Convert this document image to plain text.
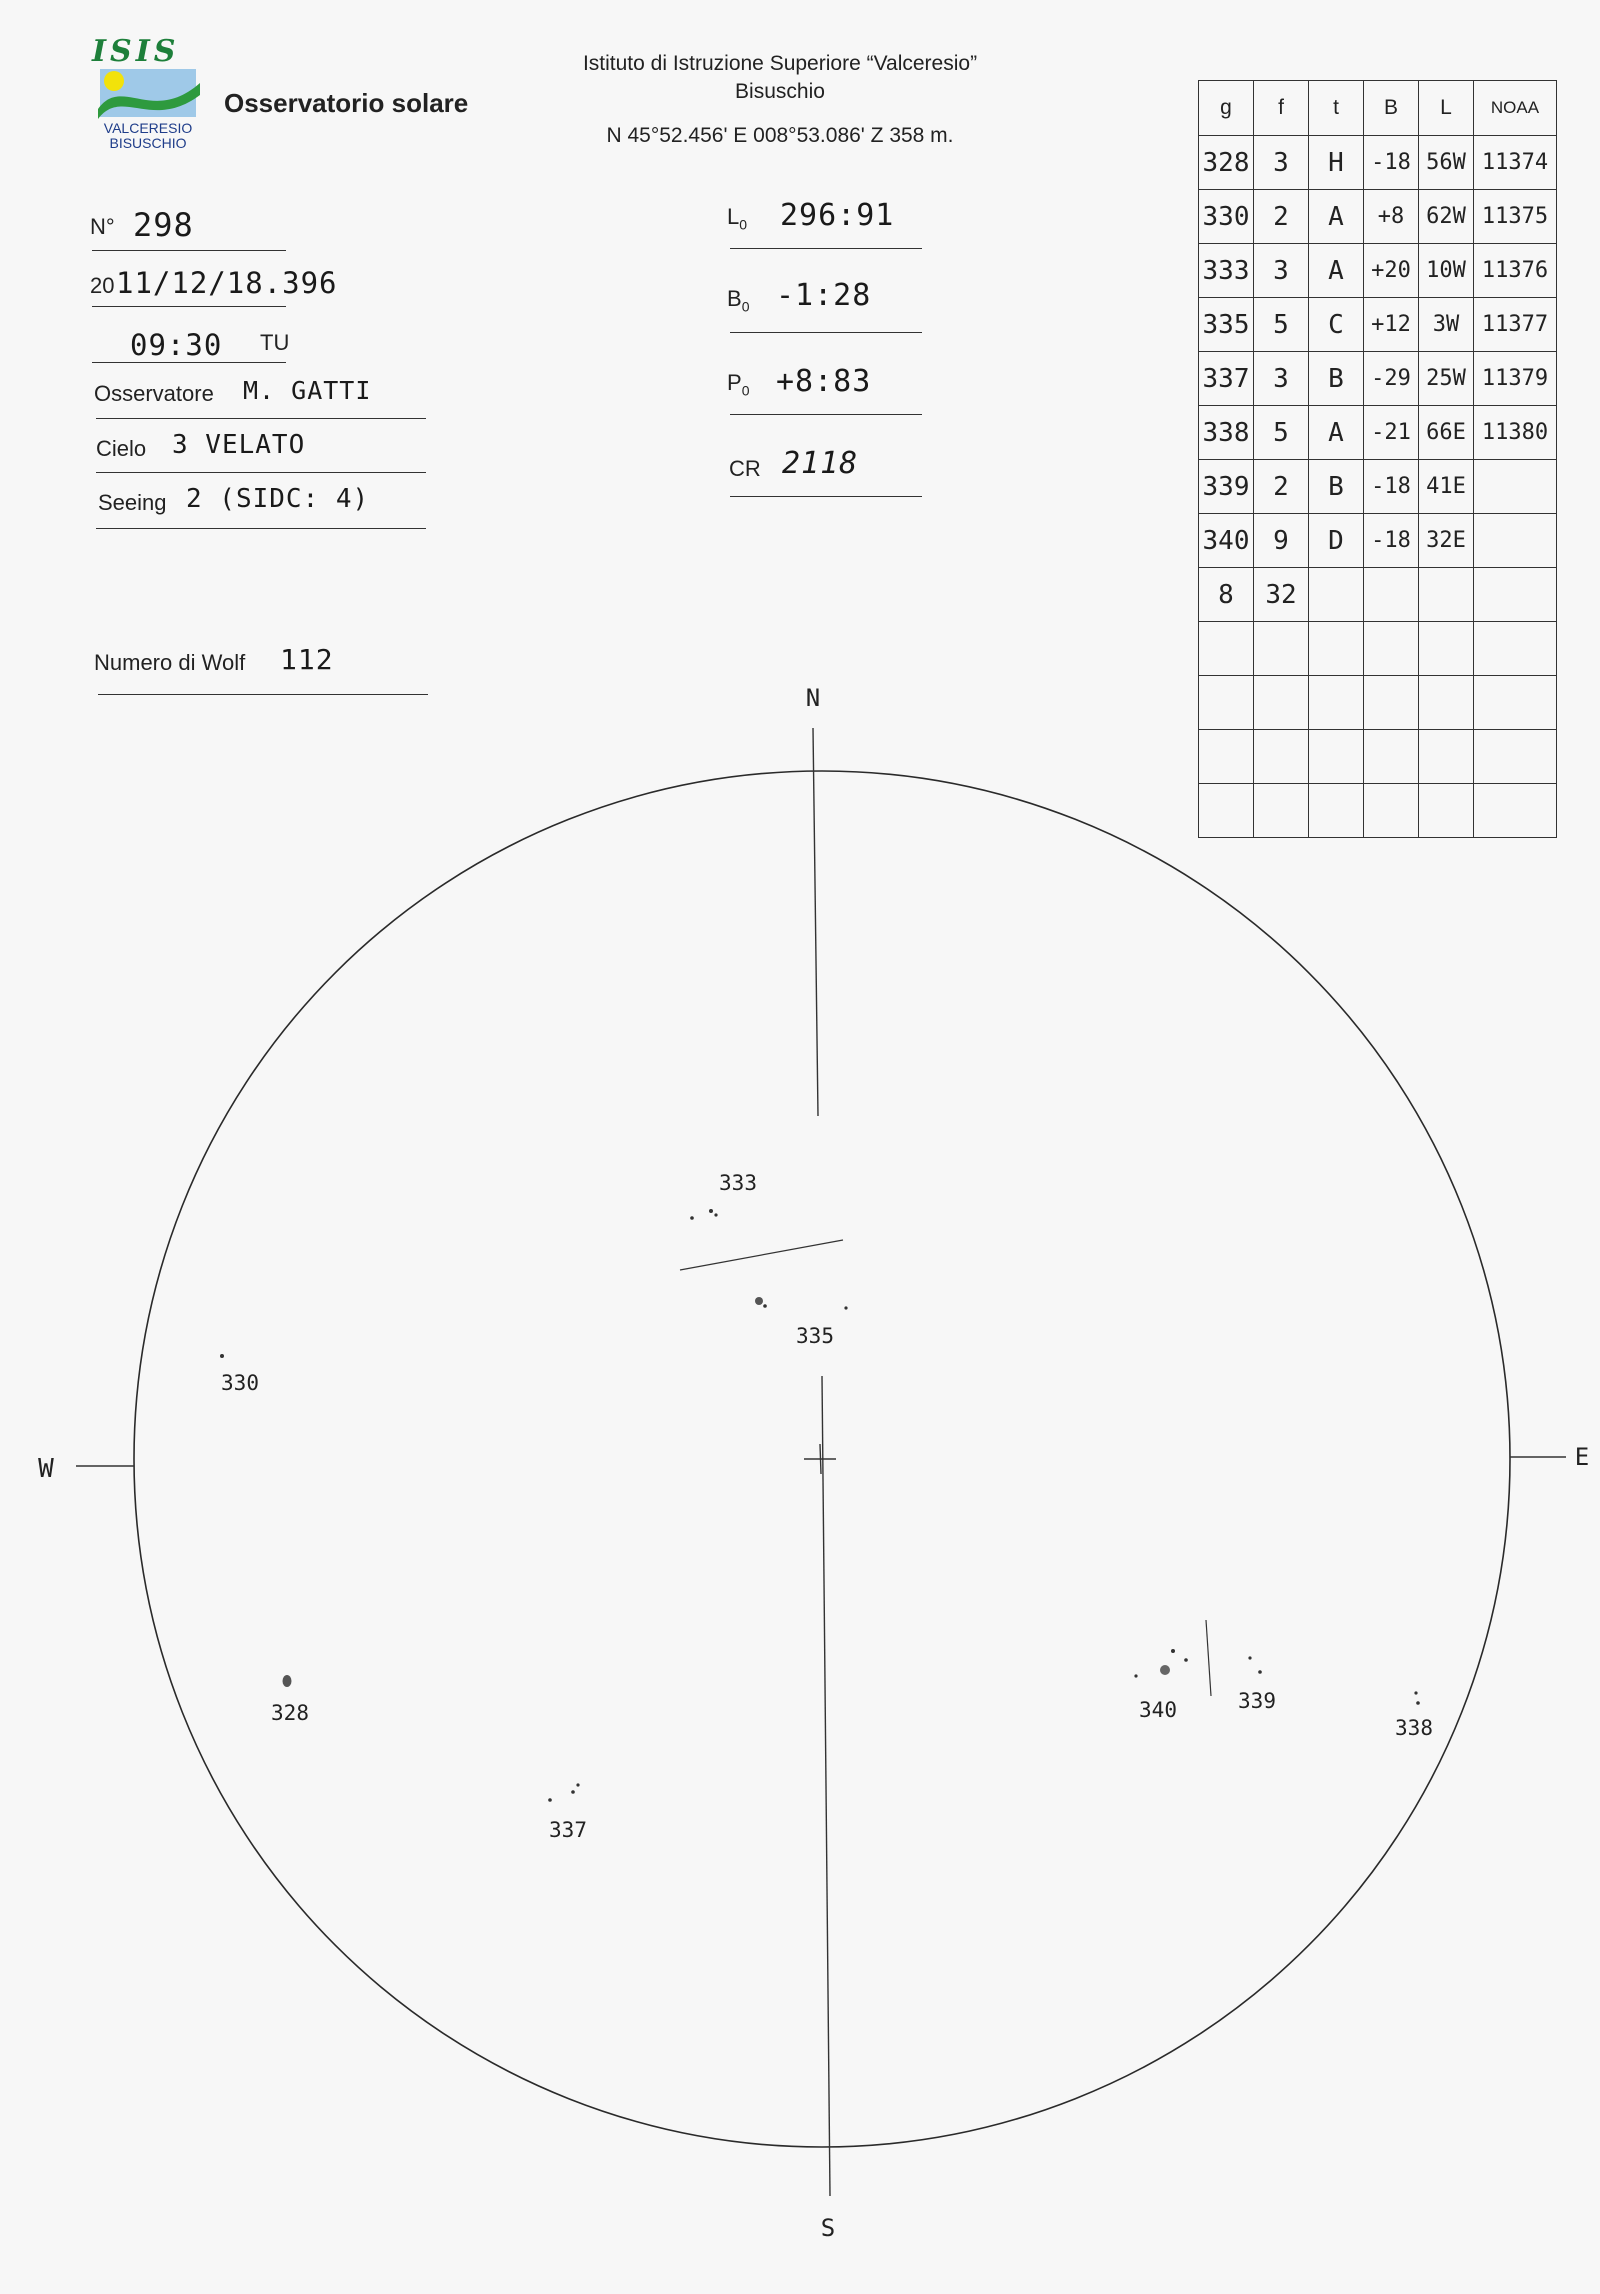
ISIS
VALCERESIO
BISUSCHIO
Osservatorio solare
Istituto di Istruzione Superiore “Valceresio”
Bisuschio
N 45°52.456' E 008°53.086' Z 358 m.
N° 298
20 11/12/18.396
09:30 TU
Osservatore M. GATTI
Cielo 3 VELATO
Seeing 2 (SIDC: 4)
Numero di Wolf 112
$L_0$ 296:91
$B_0$ -1:28
$P_0$ +8:83
CR 2118
g	f	t	B	L	NOAA
328	3	H	-18	56W	11374
330	2	A	+8	62W	11375
333	3	A	+20	10W	11376
335	5	C	+12	3W	11377
337	3	B	-29	25W	11379
338	5	A	-21	66E	11380
339	2	B	-18	41E	
340	9	D	-18	32E	
8	32				

N
S
W	E
333
335
330
328
337
340	339
338
